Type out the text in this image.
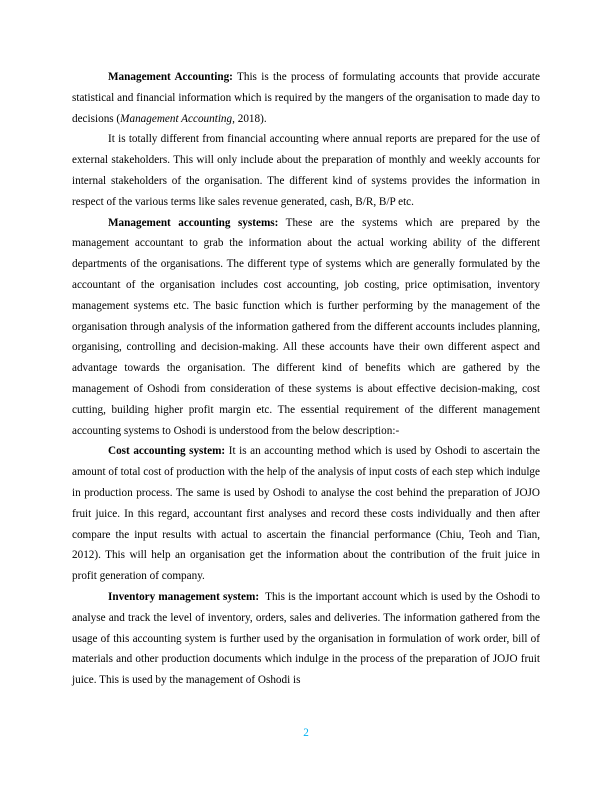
Management Accounting: This is the process of formulating accounts that provide accurate statistical and financial information which is required by the mangers of the organisation to made day to decisions (Management Accounting, 2018).

It is totally different from financial accounting where annual reports are prepared for the use of external stakeholders. This will only include about the preparation of monthly and weekly accounts for internal stakeholders of the organisation. The different kind of systems provides the information in respect of the various terms like sales revenue generated, cash, B/R, B/P etc.

Management accounting systems: These are the systems which are prepared by the management accountant to grab the information about the actual working ability of the different departments of the organisations. The different type of systems which are generally formulated by the accountant of the organisation includes cost accounting, job costing, price optimisation, inventory management systems etc. The basic function which is further performing by the management of the organisation through analysis of the information gathered from the different accounts includes planning, organising, controlling and decision-making. All these accounts have their own different aspect and advantage towards the organisation. The different kind of benefits which are gathered by the management of Oshodi from consideration of these systems is about effective decision-making, cost cutting, building higher profit margin etc. The essential requirement of the different management accounting systems to Oshodi is understood from the below description:-

Cost accounting system: It is an accounting method which is used by Oshodi to ascertain the amount of total cost of production with the help of the analysis of input costs of each step which indulge in production process. The same is used by Oshodi to analyse the cost behind the preparation of JOJO fruit juice. In this regard, accountant first analyses and record these costs individually and then after compare the input results with actual to ascertain the financial performance (Chiu, Teoh and Tian, 2012). This will help an organisation get the information about the contribution of the fruit juice in profit generation of company.

Inventory management system:  This is the important account which is used by the Oshodi to analyse and track the level of inventory, orders, sales and deliveries. The information gathered from the usage of this accounting system is further used by the organisation in formulation of work order, bill of materials and other production documents which indulge in the process of the preparation of JOJO fruit juice. This is used by the management of Oshodi is

2
